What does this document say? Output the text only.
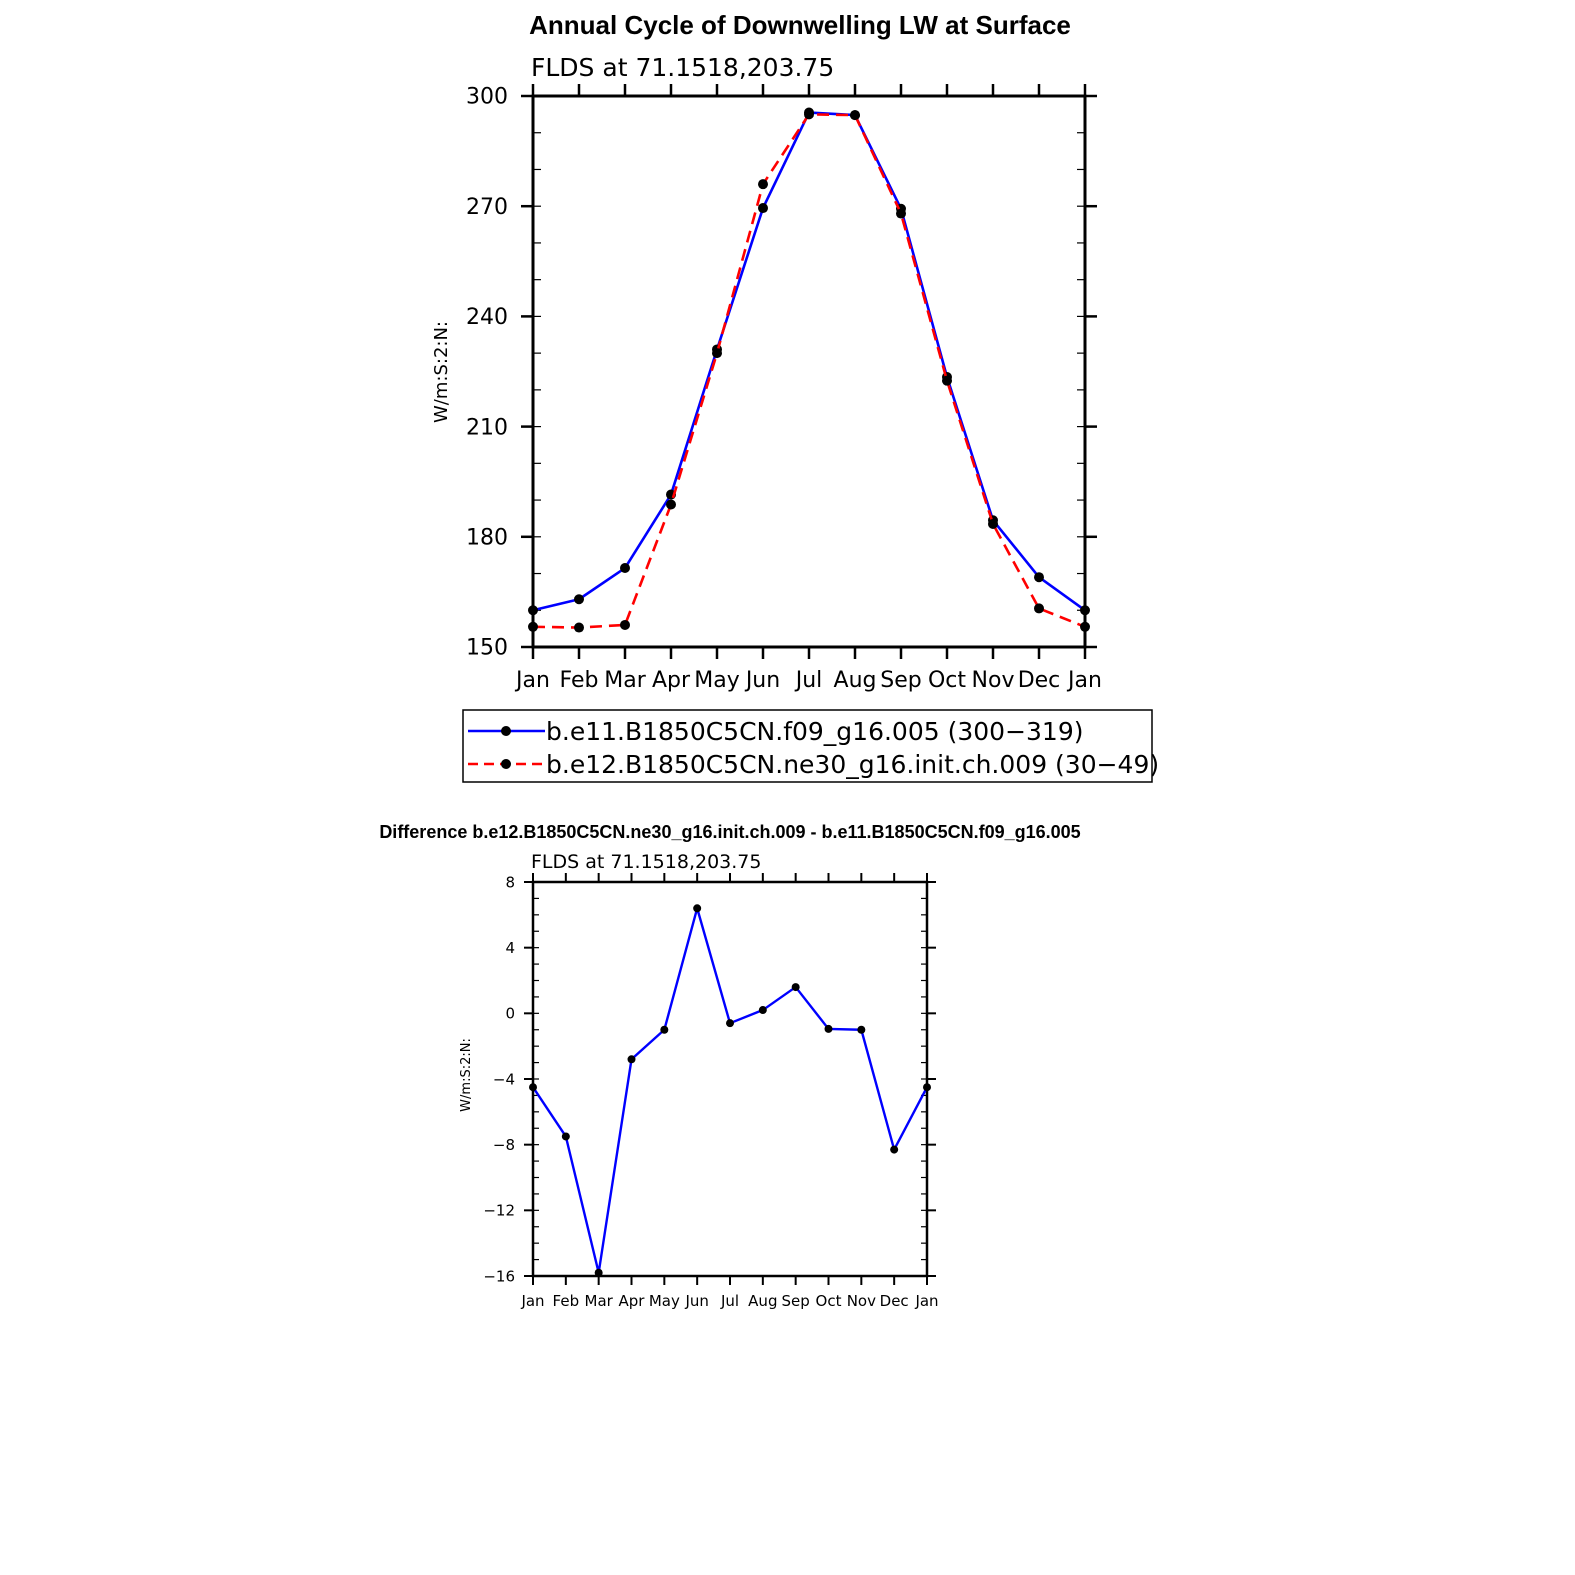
Annual Cycle of Downwelling LW at Surface
FLDS at 71.1518,203.75
W/m:S:2:N:
Jan Feb Mar Apr May Jun Jul Aug Sep Oct Nov Dec Jan
150
180
210
240
270
300
b.e11.B1850C5CN.f09_g16.005 (300−319)
b.e12.B1850C5CN.ne30_g16.init.ch.009 (30−49)
Difference b.e12.B1850C5CN.ne30_g16.init.ch.009 - b.e11.B1850C5CN.f09_g16.005
FLDS at 71.1518,203.75
W/m:S:2:N:
Jan Feb Mar Apr May Jun Jul Aug Sep Oct Nov Dec Jan
−16
−12
−8
−4
0
4
8
